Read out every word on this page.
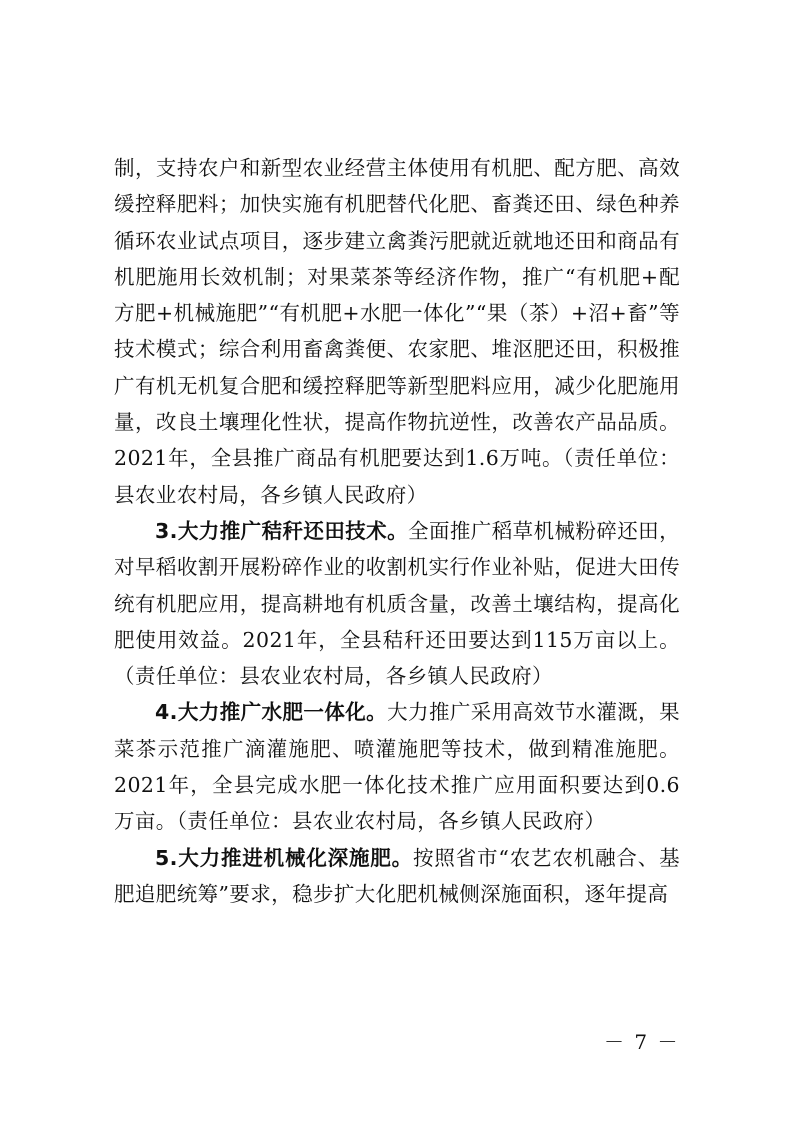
制，支持农户和新型农业经营主体使用有机肥、配方肥、高效缓控释肥料；加快实施有机肥替代化肥、畜粪还田、绿色种养循环农业试点项目，逐步建立禽粪污肥就近就地还田和商品有机肥施用长效机制；对果菜茶等经济作物，推广“有机肥+配方肥+机械施肥”“有机肥+水肥一体化”“果（茶）+沼+畜”等技术模式；综合利用畜禽粪便、农家肥、堆沤肥还田，积极推广有机无机复合肥和缓控释肥等新型肥料应用，减少化肥施用量，改良土壤理化性状，提高作物抗逆性，改善农产品品质。2021年，全县推广商品有机肥要达到1.6万吨。（责任单位：县农业农村局，各乡镇人民政府）

3.大力推广秸秆还田技术。全面推广稻草机械粉碎还田，对早稻收割开展粉碎作业的收割机实行作业补贴，促进大田传统有机肥应用，提高耕地有机质含量，改善土壤结构，提高化肥使用效益。2021年，全县秸秆还田要达到115万亩以上。（责任单位：县农业农村局，各乡镇人民政府）

4.大力推广水肥一体化。大力推广采用高效节水灌溉，果菜茶示范推广滴灌施肥、喷灌施肥等技术，做到精准施肥。2021年，全县完成水肥一体化技术推广应用面积要达到0.6万亩。（责任单位：县农业农村局，各乡镇人民政府）

5.大力推进机械化深施肥。按照省市“农艺农机融合、基肥追肥统筹”要求，稳步扩大化肥机械侧深施面积，逐年提高

－ 7 －
